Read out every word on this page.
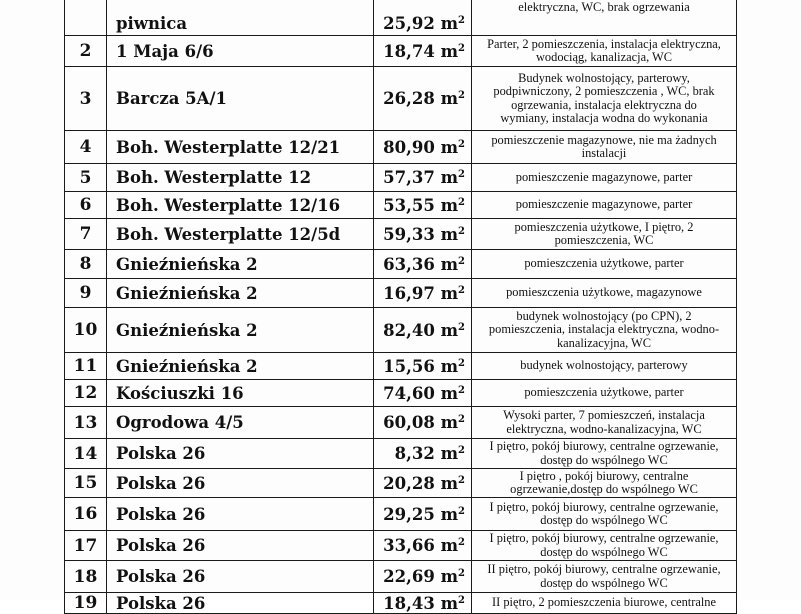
	piwnica	25,92 $m^2$	elektryczna, WC, brak ogrzewania

2	1 Maja 6/6	18,74 $m^2$	Parter, 2 pomieszczenia, instalacja elektryczna,
wodociąg, kanalizacja, WC

3	Barcza 5A/1	26,28 $m^2$	Budynek wolnostojący, parterowy,
podpiwniczony, 2 pomieszczenia , WC, brak
ogrzewania, instalacja elektryczna do
wymiany, instalacja wodna do wykonania

4	Boh. Westerplatte 12/21	80,90 $m^2$	pomieszczenie magazynowe, nie ma żadnych
instalacji

5	Boh. Westerplatte 12	57,37 $m^2$	pomieszczenie magazynowe, parter

6	Boh. Westerplatte 12/16	53,55 $m^2$	pomieszczenie magazynowe, parter

7	Boh. Westerplatte 12/5d	59,33 $m^2$	pomieszczenia użytkowe, I piętro, 2
pomieszczenia, WC

8	Gnieźnieńska 2	63,36 $m^2$	pomieszczenia użytkowe, parter

9	Gnieźnieńska 2	16,97 $m^2$	pomieszczenia użytkowe, magazynowe

10	Gnieźnieńska 2	82,40 $m^2$	budynek wolnostojący (po CPN), 2
pomieszczenia, instalacja elektryczna, wodno-
kanalizacyjna, WC

11	Gnieźnieńska 2	15,56 $m^2$	budynek wolnostojący, parterowy

12	Kościuszki 16	74,60 $m^2$	pomieszczenia użytkowe, parter

13	Ogrodowa 4/5	60,08 $m^2$	Wysoki parter, 7 pomieszczeń, instalacja
elektryczna, wodno-kanalizacyjna, WC

14	Polska 26	8,32 $m^2$	I piętro, pokój biurowy, centralne ogrzewanie,
dostęp do wspólnego WC

15	Polska 26	20,28 $m^2$	I piętro , pokój biurowy, centralne
ogrzewanie,dostęp do wspólnego WC

16	Polska 26	29,25 $m^2$	I piętro, pokój biurowy, centralne ogrzewanie,
dostęp do wspólnego WC

17	Polska 26	33,66 $m^2$	I piętro, pokój biurowy, centralne ogrzewanie,
dostęp do wspólnego WC

18	Polska 26	22,69 $m^2$	II piętro, pokój biurowy, centralne ogrzewanie,
dostęp do wspólnego WC

19	Polska 26	18,43 $m^2$	II piętro, 2 pomieszczenia biurowe, centralne
